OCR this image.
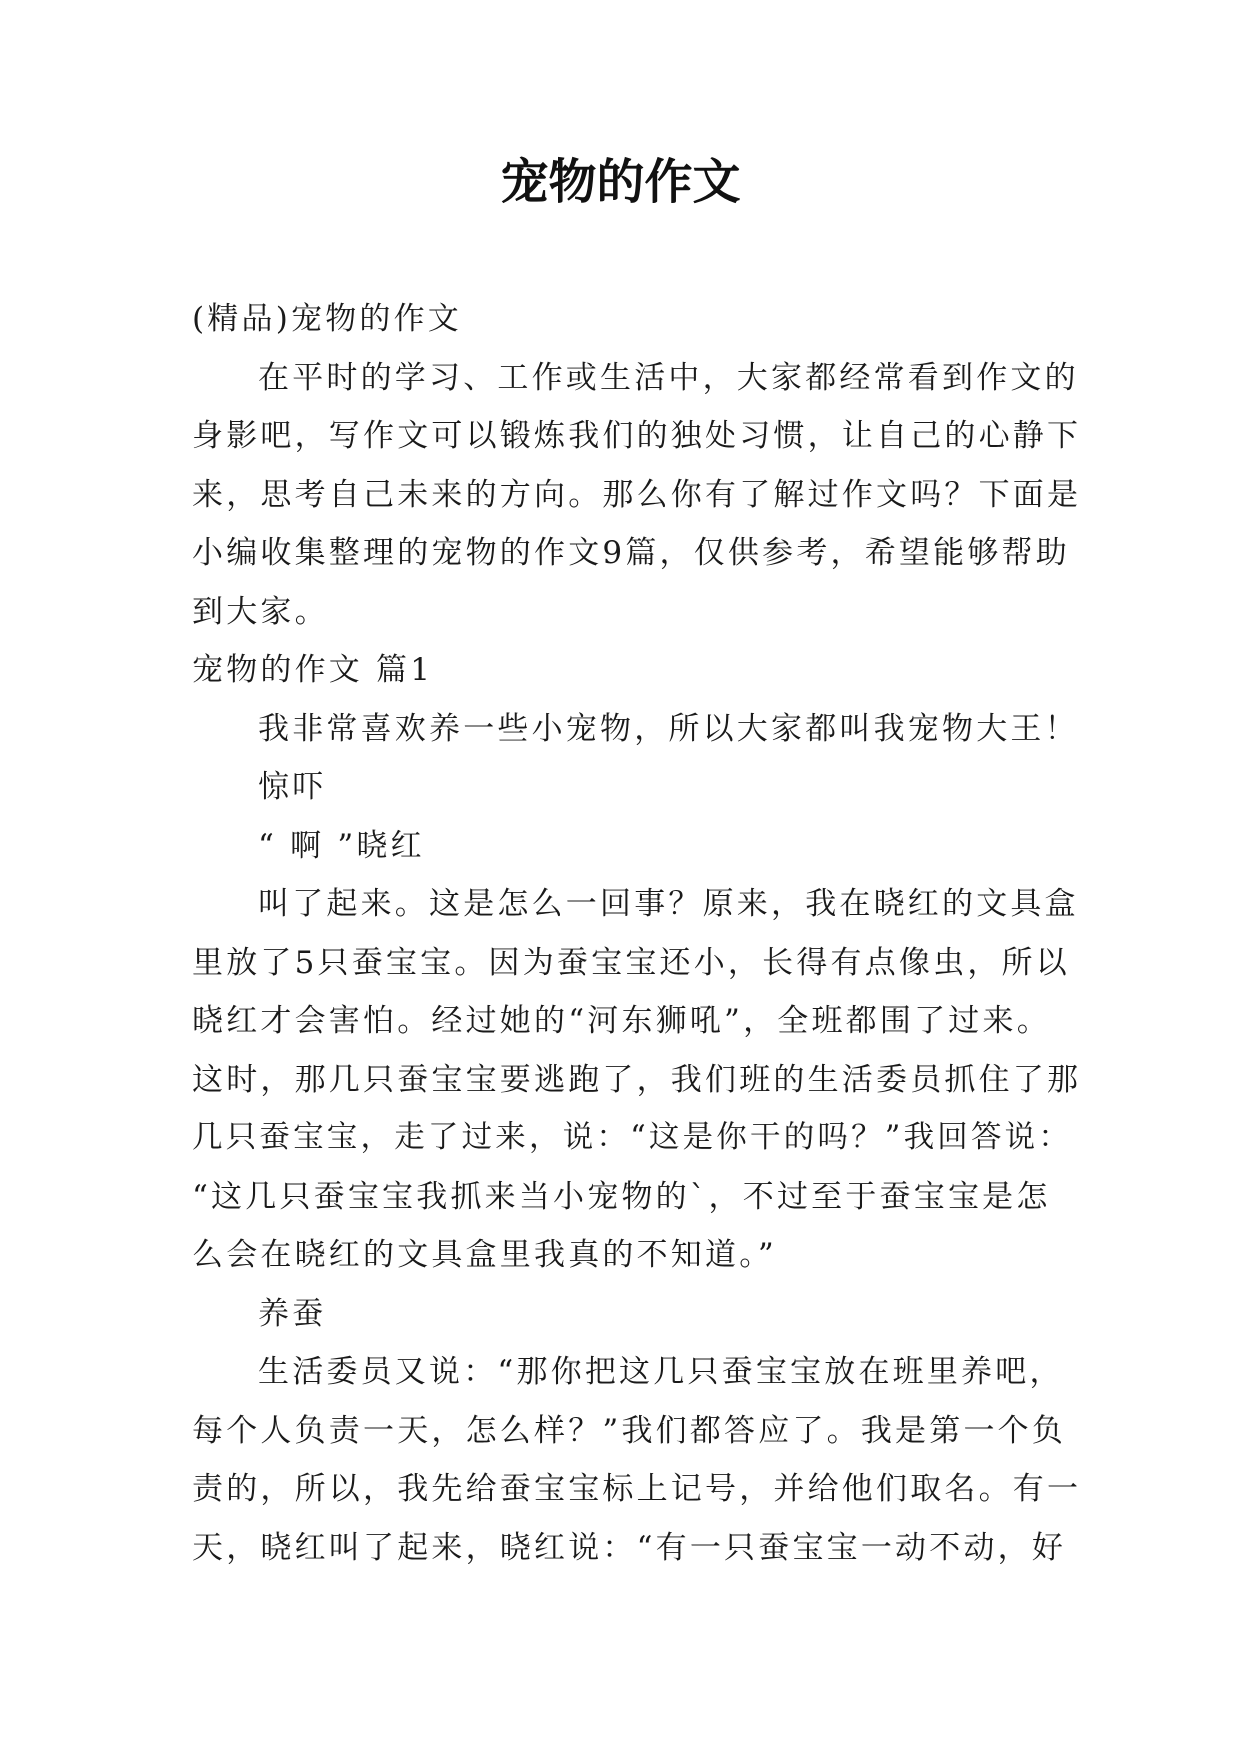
宠物的作文

(精品)宠物的作文

在平时的学习、工作或生活中，大家都经常看到作文的

身影吧，写作文可以锻炼我们的独处习惯，让自己的心静下

来，思考自己未来的方向。那么你有了解过作文吗？下面是

小编收集整理的宠物的作文9篇，仅供参考，希望能够帮助

到大家。

宠物的作文 篇1

我非常喜欢养一些小宠物，所以大家都叫我宠物大王！

惊吓

“ 啊 ”晓红

叫了起来。这是怎么一回事？原来，我在晓红的文具盒

里放了5只蚕宝宝。因为蚕宝宝还小，长得有点像虫，所以

晓红才会害怕。经过她的“河东狮吼”，全班都围了过来。

这时，那几只蚕宝宝要逃跑了，我们班的生活委员抓住了那

几只蚕宝宝，走了过来，说：“这是你干的吗？”我回答说：

“这几只蚕宝宝我抓来当小宠物的`，不过至于蚕宝宝是怎

么会在晓红的文具盒里我真的不知道。”

养蚕

生活委员又说：“那你把这几只蚕宝宝放在班里养吧，

每个人负责一天，怎么样？”我们都答应了。我是第一个负

责的，所以，我先给蚕宝宝标上记号，并给他们取名。有一

天，晓红叫了起来，晓红说：“有一只蚕宝宝一动不动，好
